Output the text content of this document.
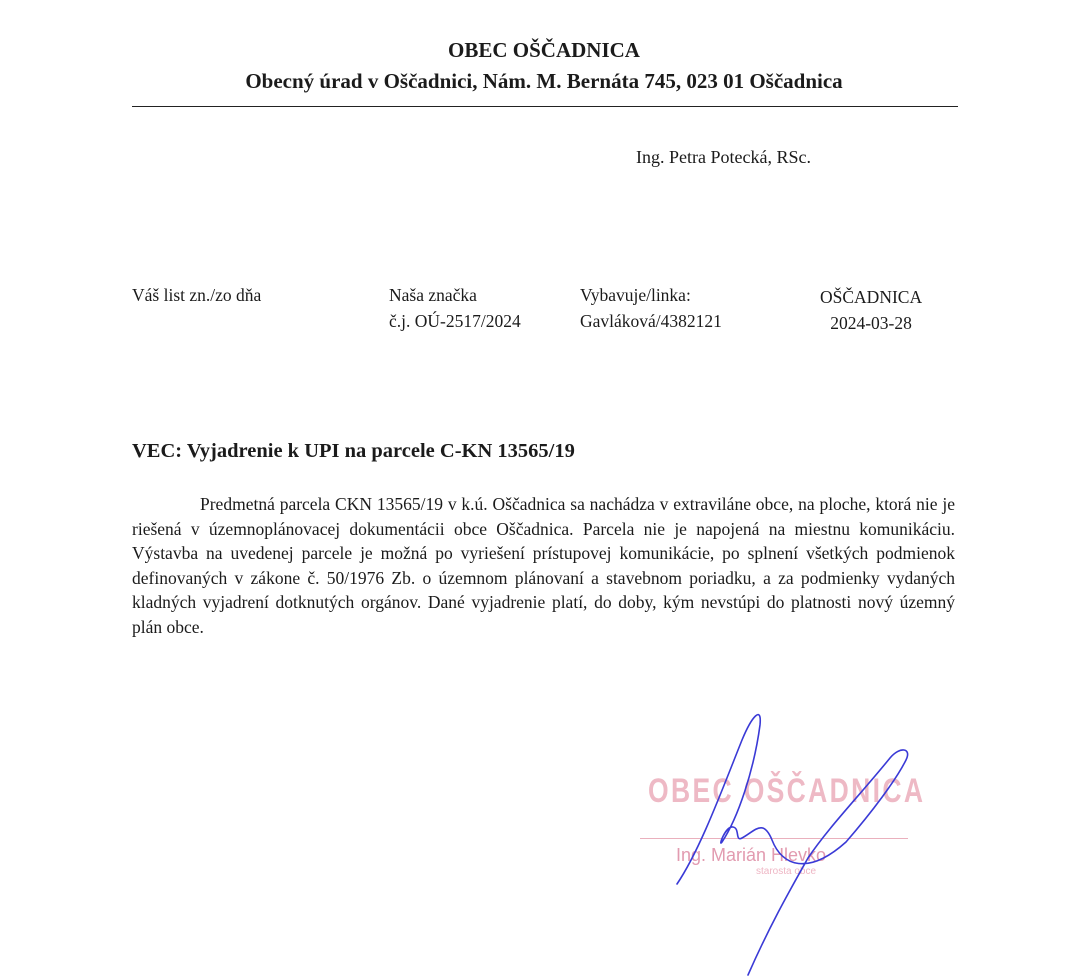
OBEC OŠČADNICA
Obecný úrad v Oščadnici, Nám. M. Bernáta 745, 023 01 Oščadnica
Ing. Petra Potecká, RSc.
Váš list zn./zo dňa	Naša značka
č.j. OÚ-2517/2024
Vybavuje/linka:
Gavláková/4382121
OŠČADNICA
2024-03-28
VEC: Vyjadrenie k UPI na parcele C-KN 13565/19

Predmetná parcela CKN 13565/19 v k.ú. Oščadnica sa nachádza v extraviláne obce, na ploche, ktorá nie je riešená v územnoplánovacej dokumentácii obce Oščadnica. Parcela nie je napojená na miestnu komunikáciu. Výstavba na uvedenej parcele je možná po vyriešení prístupovej komunikácie, po splnení všetkých podmienok definovaných v zákone č. 50/1976 Zb. o územnom plánovaní a stavebnom poriadku, a za podmienky vydaných kladných vyjadrení dotknutých orgánov. Dané vyjadrenie platí, do doby, kým nevstúpi do platnosti nový územný plán obce.

OBEC OŠČADNICA
Ing. Marián Hlevko
starosta obce
